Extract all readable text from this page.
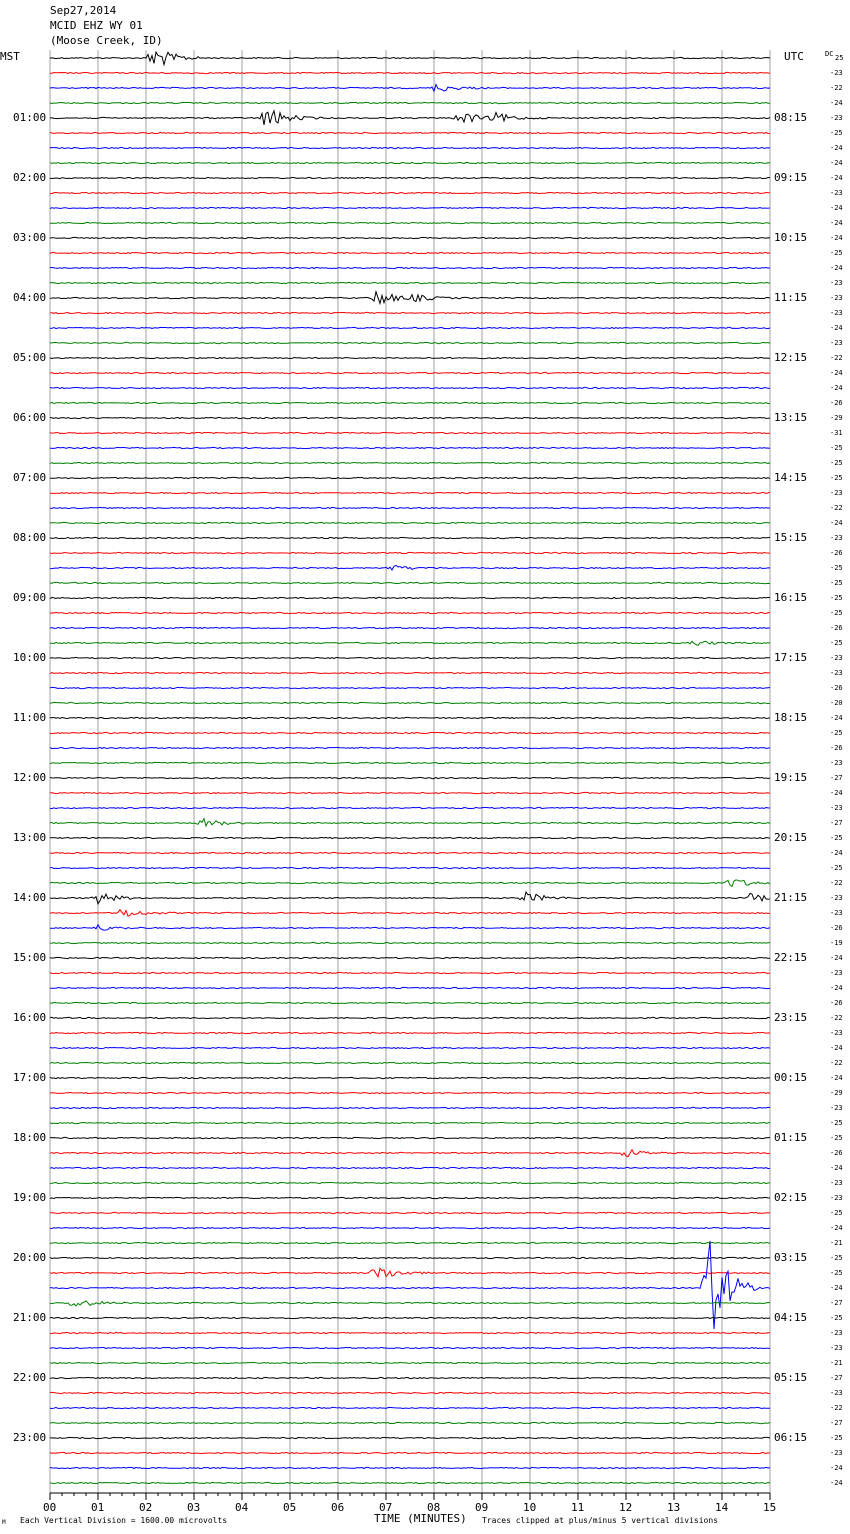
Sep27,2014
MCID EHZ WY 01
(Moose Creek, ID)
MST	UTC	DC
01:00
02:00
03:00
04:00
05:00
06:00
07:00
08:00
09:00
10:00
11:00
12:00
13:00
14:00
15:00
16:00
17:00
18:00
19:00
20:00
21:00
22:00
23:00
08:15
09:15
10:15
11:15
12:15
13:15
14:15
15:15
16:15
17:15
18:15
19:15
20:15
21:15
22:15
23:15
00:15
01:15
02:15
03:15
04:15
05:15
06:15
25
-23
-22
-24
-23
-25
-24
-24
-24
-23
-24
-24
-24
-25
-24
-23
-23
-23
-24
-23
-22
-24
-24
-26
-29
-31
-25
-25
-25
-23
-22
-24
-23
-26
-25
-25
-25
-25
-26
-25
-23
-23
-26
-20
-24
-25
-26
-23
-27
-24
-23
-27
-25
-24
-25
-22
-23
-23
-26
-19
-24
-23
-24
-26
-22
-23
-24
-22
-24
-29
-23
-25
-25
-26
-24
-23
-23
-25
-24
-21
-25
-25
-24
-27
-25
-23
-23
-21
-27
-23
-22
-27
-25
-23
-24
-24
00	01	02	03	04	05	06	07	08	09	10	11	12	13	14	15
M Each Vertical Division = 1600.00 microvolts	TIME (MINUTES) Traces clipped at plus/minus 5 vertical divisions
